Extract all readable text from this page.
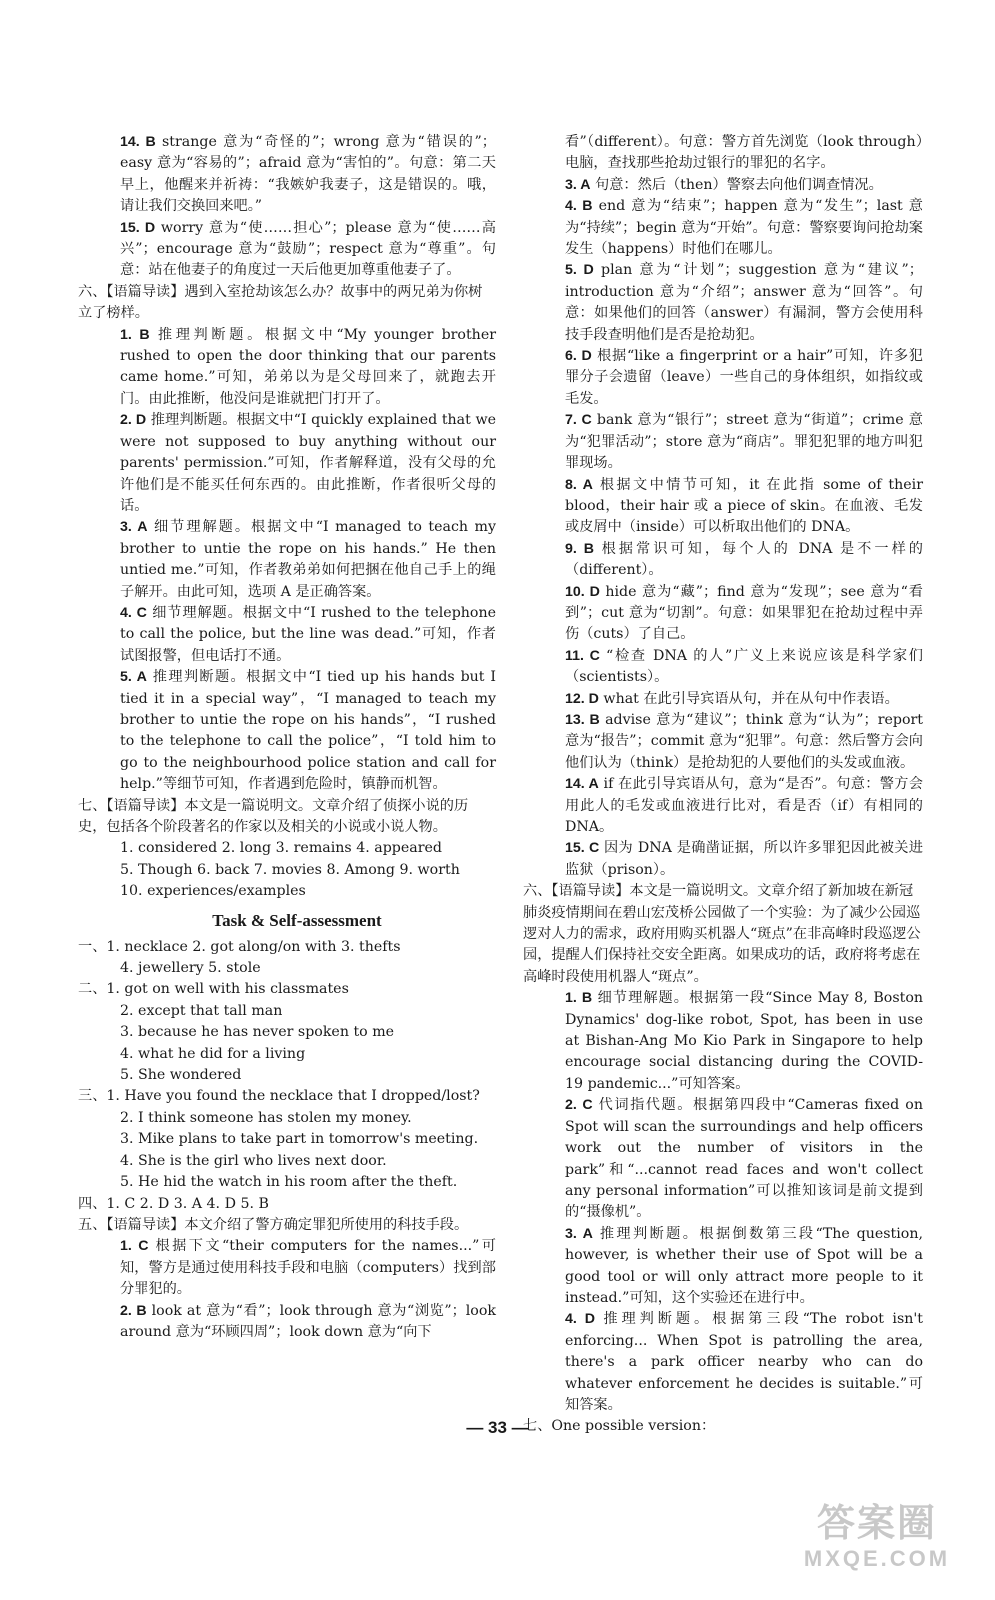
14. B strange 意为“奇怪的”；wrong 意为“错误的”；easy 意为“容易的”；afraid 意为“害怕的”。句意：第二天早上，他醒来并祈祷：“我嫉妒我妻子，这是错误的。哦，请让我们交换回来吧。”

15. D worry 意为“使……担心”；please 意为“使……高兴”；encourage 意为“鼓励”；respect 意为“尊重”。句意：站在他妻子的角度过一天后他更加尊重他妻子了。

六、【语篇导读】遇到入室抢劫该怎么办？故事中的两兄弟为你树立了榜样。

1. B 推理判断题。根据文中“My younger brother rushed to open the door thinking that our parents came home.”可知，弟弟以为是父母回来了，就跑去开门。由此推断，他没问是谁就把门打开了。

2. D 推理判断题。根据文中“I quickly explained that we were not supposed to buy anything without our parents' permission.”可知，作者解释道，没有父母的允许他们是不能买任何东西的。由此推断，作者很听父母的话。

3. A 细节理解题。根据文中“I managed to teach my brother to untie the rope on his hands.” He then untied me.”可知，作者教弟弟如何把捆在他自己手上的绳子解开。由此可知，选项 A 是正确答案。

4. C 细节理解题。根据文中“I rushed to the telephone to call the police, but the line was dead.”可知，作者试图报警，但电话打不通。

5. A 推理判断题。根据文中“I tied up his hands but I tied it in a special way”，“I managed to teach my brother to untie the rope on his hands”，“I rushed to the telephone to call the police”，“I told him to go to the neighbourhood police station and call for help.”等细节可知，作者遇到危险时，镇静而机智。

七、【语篇导读】本文是一篇说明文。文章介绍了侦探小说的历史，包括各个阶段著名的作家以及相关的小说或小说人物。

1. considered 2. long 3. remains 4. appeared

5. Though 6. back 7. movies 8. Among 9. worth

10. experiences/examples

Task & Self-assessment

一、1. necklace 2. got along/on with 3. thefts

4. jewellery 5. stole

二、1. got on well with his classmates

2. except that tall man

3. because he has never spoken to me

4. what he did for a living

5. She wondered

三、1. Have you found the necklace that I dropped/lost?

2. I think someone has stolen my money.

3. Mike plans to take part in tomorrow's meeting.

4. She is the girl who lives next door.

5. He hid the watch in his room after the theft.

四、1. C 2. D 3. A 4. D 5. B

五、【语篇导读】本文介绍了警方确定罪犯所使用的科技手段。

1. C 根据下文“their computers for the names...”可知，警方是通过使用科技手段和电脑（computers）找到部分罪犯的。

2. B look at 意为“看”；look through 意为“浏览”；look around 意为“环顾四周”；look down 意为“向下

看”（different）。句意：警方首先浏览（look through）电脑，查找那些抢劫过银行的罪犯的名字。

3. A 句意：然后（then）警察去向他们调查情况。

4. B end 意为“结束”；happen 意为“发生”；last 意为“持续”；begin 意为“开始”。句意：警察要询问抢劫案发生（happens）时他们在哪儿。

5. D plan 意为“计划”；suggestion 意为“建议”；introduction 意为“介绍”；answer 意为“回答”。句意：如果他们的回答（answer）有漏洞，警方会使用科技手段查明他们是否是抢劫犯。

6. D 根据“like a fingerprint or a hair”可知，许多犯罪分子会遗留（leave）一些自己的身体组织，如指纹或毛发。

7. C bank 意为“银行”；street 意为“街道”；crime 意为“犯罪活动”；store 意为“商店”。罪犯犯罪的地方叫犯罪现场。

8. A 根据文中情节可知，it 在此指 some of their blood，their hair 或 a piece of skin。在血液、毛发或皮屑中（inside）可以析取出他们的 DNA。

9. B 根据常识可知，每个人的 DNA 是不一样的（different）。

10. D hide 意为“藏”；find 意为“发现”；see 意为“看到”；cut 意为“切割”。句意：如果罪犯在抢劫过程中弄伤（cuts）了自己。

11. C “检查 DNA 的人”广义上来说应该是科学家们（scientists）。

12. D what 在此引导宾语从句，并在从句中作表语。

13. B advise 意为“建议”；think 意为“认为”；report 意为“报告”；commit 意为“犯罪”。句意：然后警方会向他们认为（think）是抢劫犯的人要他们的头发或血液。

14. A if 在此引导宾语从句，意为“是否”。句意：警方会用此人的毛发或血液进行比对，看是否（if）有相同的 DNA。

15. C 因为 DNA 是确凿证据，所以许多罪犯因此被关进监狱（prison）。

六、【语篇导读】本文是一篇说明文。文章介绍了新加坡在新冠肺炎疫情期间在碧山宏茂桥公园做了一个实验：为了减少公园巡逻对人力的需求，政府用购买机器人“斑点”在非高峰时段巡逻公园，提醒人们保持社交安全距离。如果成功的话，政府将考虑在高峰时段使用机器人“斑点”。

1. B 细节理解题。根据第一段“Since May 8, Boston Dynamics' dog-like robot, Spot, has been in use at Bishan-Ang Mo Kio Park in Singapore to help encourage social distancing during the COVID-19 pandemic...”可知答案。

2. C 代词指代题。根据第四段中“Cameras fixed on Spot will scan the surroundings and help officers work out the number of visitors in the park”和“...cannot read faces and won't collect any personal information”可以推知该词是前文提到的“摄像机”。

3. A 推理判断题。根据倒数第三段“The question, however, is whether their use of Spot will be a good tool or will only attract more people to it instead.”可知，这个实验还在进行中。

4. D 推理判断题。根据第三段“The robot isn't enforcing... When Spot is patrolling the area, there's a park officer nearby who can do whatever enforcement he decides is suitable.”可知答案。

七、One possible version：

— 33 —
答案圈
MXQE.COM
